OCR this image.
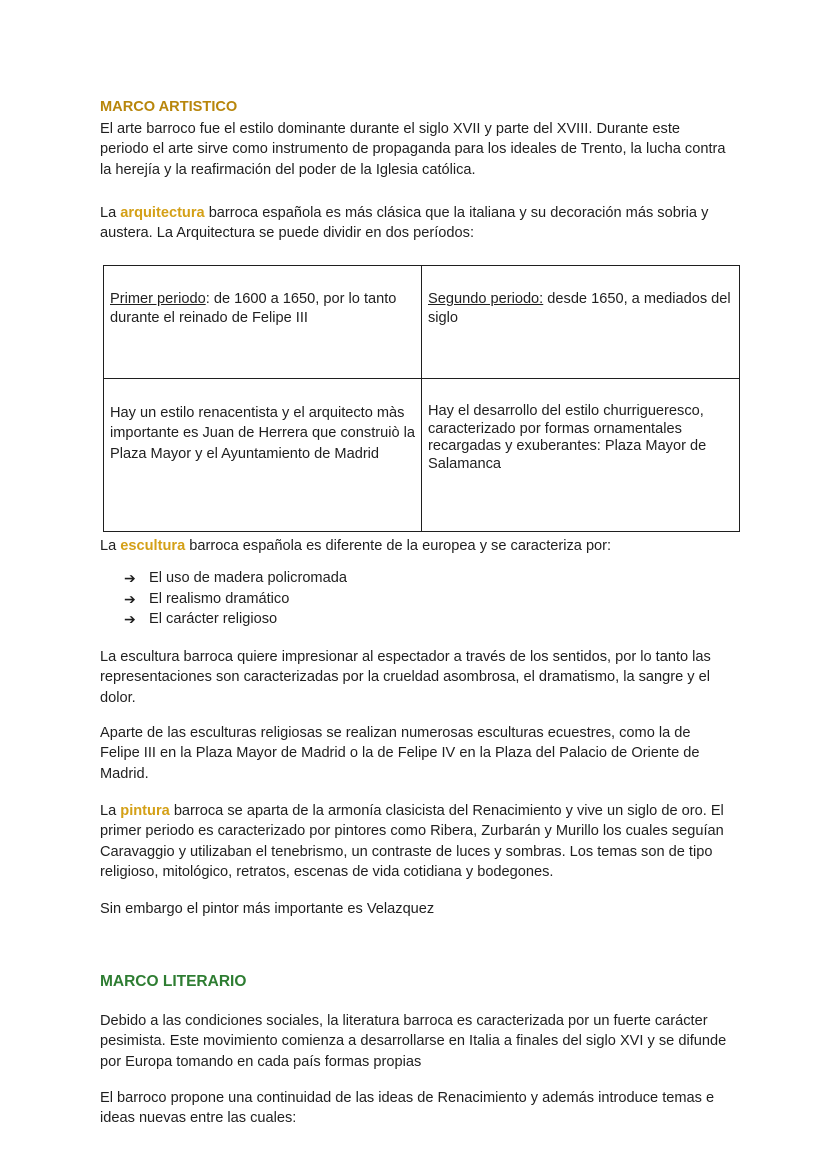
MARCO ARTISTICO

El arte barroco fue el estilo dominante durante el siglo XVII y parte del XVIII. Durante este periodo el arte sirve como instrumento de propaganda para los ideales de Trento, la lucha contra la herejía y la reafirmación del poder de la Iglesia católica.

La arquitectura barroca española es más clásica que la italiana y su decoración más sobria y austera. La Arquitectura se puede dividir en dos períodos:

Primer periodo: de 1600 a 1650, por lo tanto durante el reinado de Felipe III	Segundo periodo: desde 1650, a mediados del siglo
Hay un estilo renacentista y el arquitecto màs importante es Juan de Herrera que construiò la Plaza Mayor y el Ayuntamiento de Madrid	Hay el desarrollo del estilo churrigueresco, caracterizado por formas ornamentales recargadas y exuberantes: Plaza Mayor de Salamanca

La escultura barroca española es diferente de la europea y se caracteriza por:

➔ El uso de madera policromada
➔ El realismo dramático
➔ El carácter religioso

La escultura barroca quiere impresionar al espectador a través de los sentidos, por lo tanto las representaciones son caracterizadas por la crueldad asombrosa, el dramatismo, la sangre y el dolor.

Aparte de las esculturas religiosas se realizan numerosas esculturas ecuestres, como la de Felipe III en la Plaza Mayor de Madrid o la de Felipe IV en la Plaza del Palacio de Oriente de Madrid.

La pintura barroca se aparta de la armonía clasicista del Renacimiento y vive un siglo de oro. El primer periodo es caracterizado por pintores como Ribera, Zurbarán y Murillo los cuales seguían Caravaggio y utilizaban el tenebrismo, un contraste de luces y sombras. Los temas son de tipo religioso, mitológico, retratos, escenas de vida cotidiana y bodegones.

Sin embargo el pintor más importante es Velazquez

MARCO LITERARIO

Debido a las condiciones sociales, la literatura barroca es caracterizada por un fuerte carácter pesimista. Este movimiento comienza a desarrollarse en Italia a finales del siglo XVI y se difunde por Europa tomando en cada país formas propias

El barroco propone una continuidad de las ideas de Renacimiento y además introduce temas e ideas nuevas entre las cuales:
